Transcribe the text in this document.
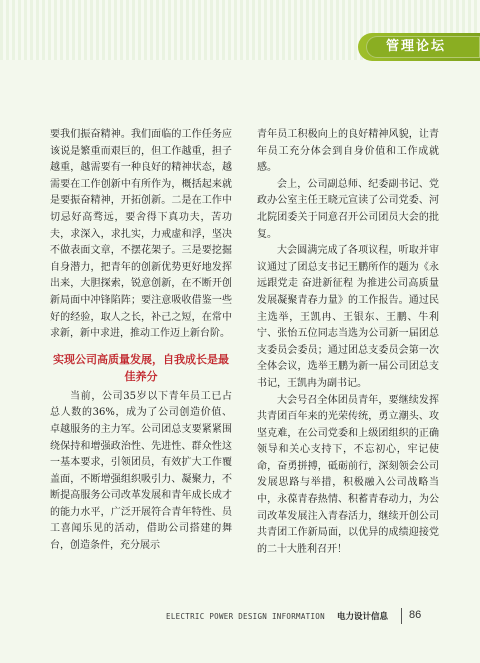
管理论坛

要我们振奋精神。我们面临的工作任务应该说是繁重而艰巨的，但工作越重，担子越重，越需要有一种良好的精神状态，越需要在工作创新中有所作为，概括起来就是要振奋精神，开拓创新。二是在工作中切忌好高骛远，要舍得下真功夫，苦功夫，求深入，求扎实，力戒虚和浮，坚决不做表面文章，不摆花架子。三是要挖掘自身潜力，把青年的创新优势更好地发挥出来，大胆探索，锐意创新，在不断开创新局面中冲锋陷阵；要注意吸收借鉴一些好的经验，取人之长，补己之短，在常中求新，新中求进，推动工作迈上新台阶。

实现公司高质量发展，自我成长是最佳养分

当前，公司35岁以下青年员工已占总人数的36%，成为了公司创造价值、卓越服务的主力军。公司团总支要紧紧围绕保持和增强政治性、先进性、群众性这一基本要求，引领团员，有效扩大工作覆盖面，不断增强组织吸引力、凝聚力，不断提高服务公司改革发展和青年成长成才的能力水平，广泛开展符合青年特性、员工喜闻乐见的活动，借助公司搭建的舞台，创造条件，充分展示

青年员工积极向上的良好精神风貌，让青年员工充分体会到自身价值和工作成就感。

会上，公司副总师、纪委副书记、党政办公室主任王晓元宣读了公司党委、河北院团委关于同意召开公司团员大会的批复。

大会圆满完成了各项议程，听取并审议通过了团总支书记王鹏所作的题为《永远跟党走 奋进新征程 为推进公司高质量发展凝聚青春力量》的工作报告。通过民主选举，王凯冉、王银东、王鹏、牛利宁、张怡五位同志当选为公司新一届团总支委员会委员；通过团总支委员会第一次全体会议，选举王鹏为新一届公司团总支书记，王凯冉为副书记。

大会号召全体团员青年，要继续发挥共青团百年来的光荣传统，勇立潮头、攻坚克难，在公司党委和上级团组织的正确领导和关心支持下，不忘初心，牢记使命，奋勇拼搏，砥砺前行，深刻领会公司发展思路与举措，积极融入公司战略当中，永葆青春热情、积蓄青春动力，为公司改革发展注入青春活力，继续开创公司共青团工作新局面，以优异的成绩迎接党的二十大胜利召开！

ELECTRIC POWER DESIGN INFORMATION 电力设计信息 86
